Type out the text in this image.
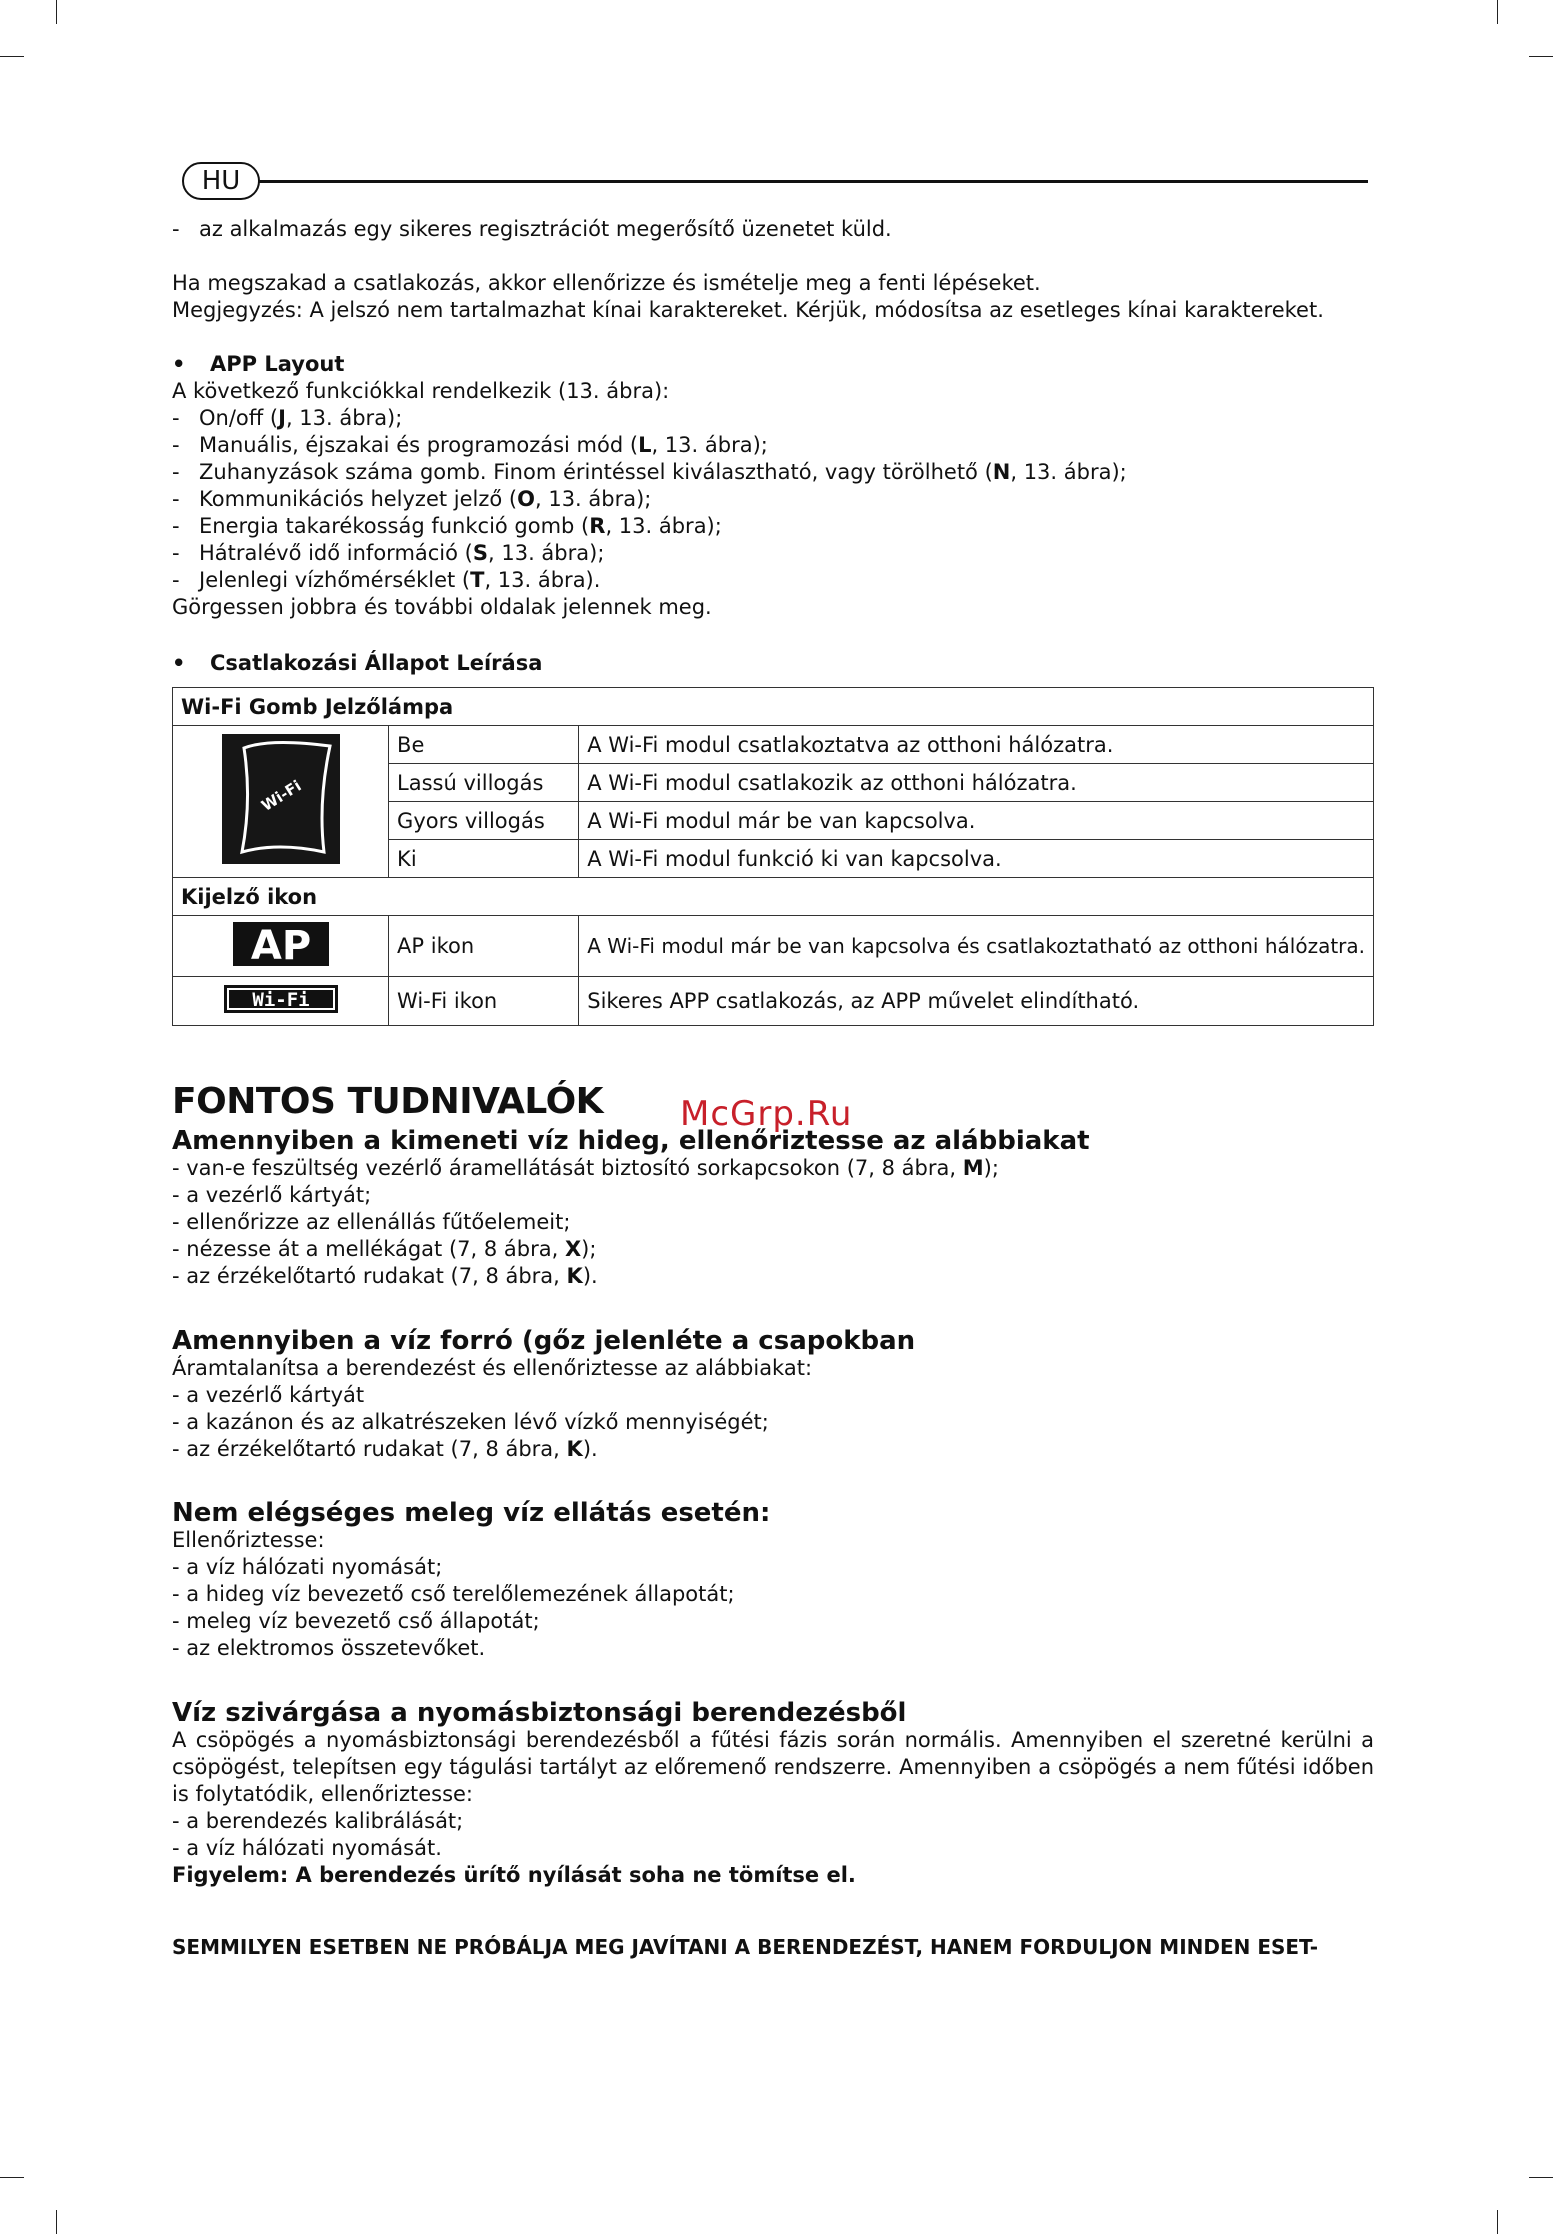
HU

- az alkalmazás egy sikeres regisztrációt megerősítő üzenetet küld.

Ha megszakad a csatlakozás, akkor ellenőrizze és ismételje meg a fenti lépéseket.

Megjegyzés: A jelszó nem tartalmazhat kínai karaktereket. Kérjük, módosítsa az esetleges kínai karaktereket.

• APP Layout

A következő funkciókkal rendelkezik (13. ábra):

- On/off (J, 13. ábra);

- Manuális, éjszakai és programozási mód (L, 13. ábra);

- Zuhanyzások száma gomb. Finom érintéssel kiválasztható, vagy törölhető (N, 13. ábra);

- Kommunikációs helyzet jelző (O, 13. ábra);

- Energia takarékosság funkció gomb (R, 13. ábra);

- Hátralévő idő információ (S, 13. ábra);

- Jelenlegi vízhőmérséklet (T, 13. ábra).

Görgessen jobbra és további oldalak jelennek meg.

• Csatlakozási Állapot Leírása

Wi-Fi Gomb Jelzőlámpa		

Wi-Fi	Be	A Wi-Fi modul csatlakoztatva az otthoni hálózatra.
	Lassú villogás	A Wi-Fi modul csatlakozik az otthoni hálózatra.
	Gyors villogás	A Wi-Fi modul már be van kapcsolva.
	Ki	A Wi-Fi modul funkció ki van kapcsolva.
Kijelző ikon		

AP	AP ikon	A Wi-Fi modul már be van kapcsolva és csatlakoztatható az otthoni hálózatra.

Wi-Fi	Wi-Fi ikon	Sikeres APP csatlakozás, az APP művelet elindítható.
FONTOS TUDNIVALÓK McGrp.Ru

Amennyiben a kimeneti víz hideg, ellenőriztesse az alábbiakat

- van-e feszültség vezérlő áramellátását biztosító sorkapcsokon (7, 8 ábra, M);

- a vezérlő kártyát;

- ellenőrizze az ellenállás fűtőelemeit;

- nézesse át a mellékágat (7, 8 ábra, X);

- az érzékelőtartó rudakat (7, 8 ábra, K).

Amennyiben a víz forró (gőz jelenléte a csapokban

Áramtalanítsa a berendezést és ellenőriztesse az alábbiakat:

- a vezérlő kártyát

- a kazánon és az alkatrészeken lévő vízkő mennyiségét;

- az érzékelőtartó rudakat (7, 8 ábra, K).

Nem elégséges meleg víz ellátás esetén:

Ellenőriztesse:

- a víz hálózati nyomását;

- a hideg víz bevezető cső terelőlemezének állapotát;

- meleg víz bevezető cső állapotát;

- az elektromos összetevőket.

Víz szivárgása a nyomásbiztonsági berendezésből

A csöpögés a nyomásbiztonsági berendezésből a fűtési fázis során normális. Amennyiben el szeretné kerülni a csöpögést, telepítsen egy tágulási tartályt az előremenő rendszerre. Amennyiben a csöpögés a nem fűtési időben is folytatódik, ellenőriztesse:

- a berendezés kalibrálását;

- a víz hálózati nyomását.

Figyelem: A berendezés ürítő nyílását soha ne tömítse el.

SEMMILYEN ESETBEN NE PRÓBÁLJA MEG JAVÍTANI A BERENDEZÉST, HANEM FORDULJON MINDEN ESET-
